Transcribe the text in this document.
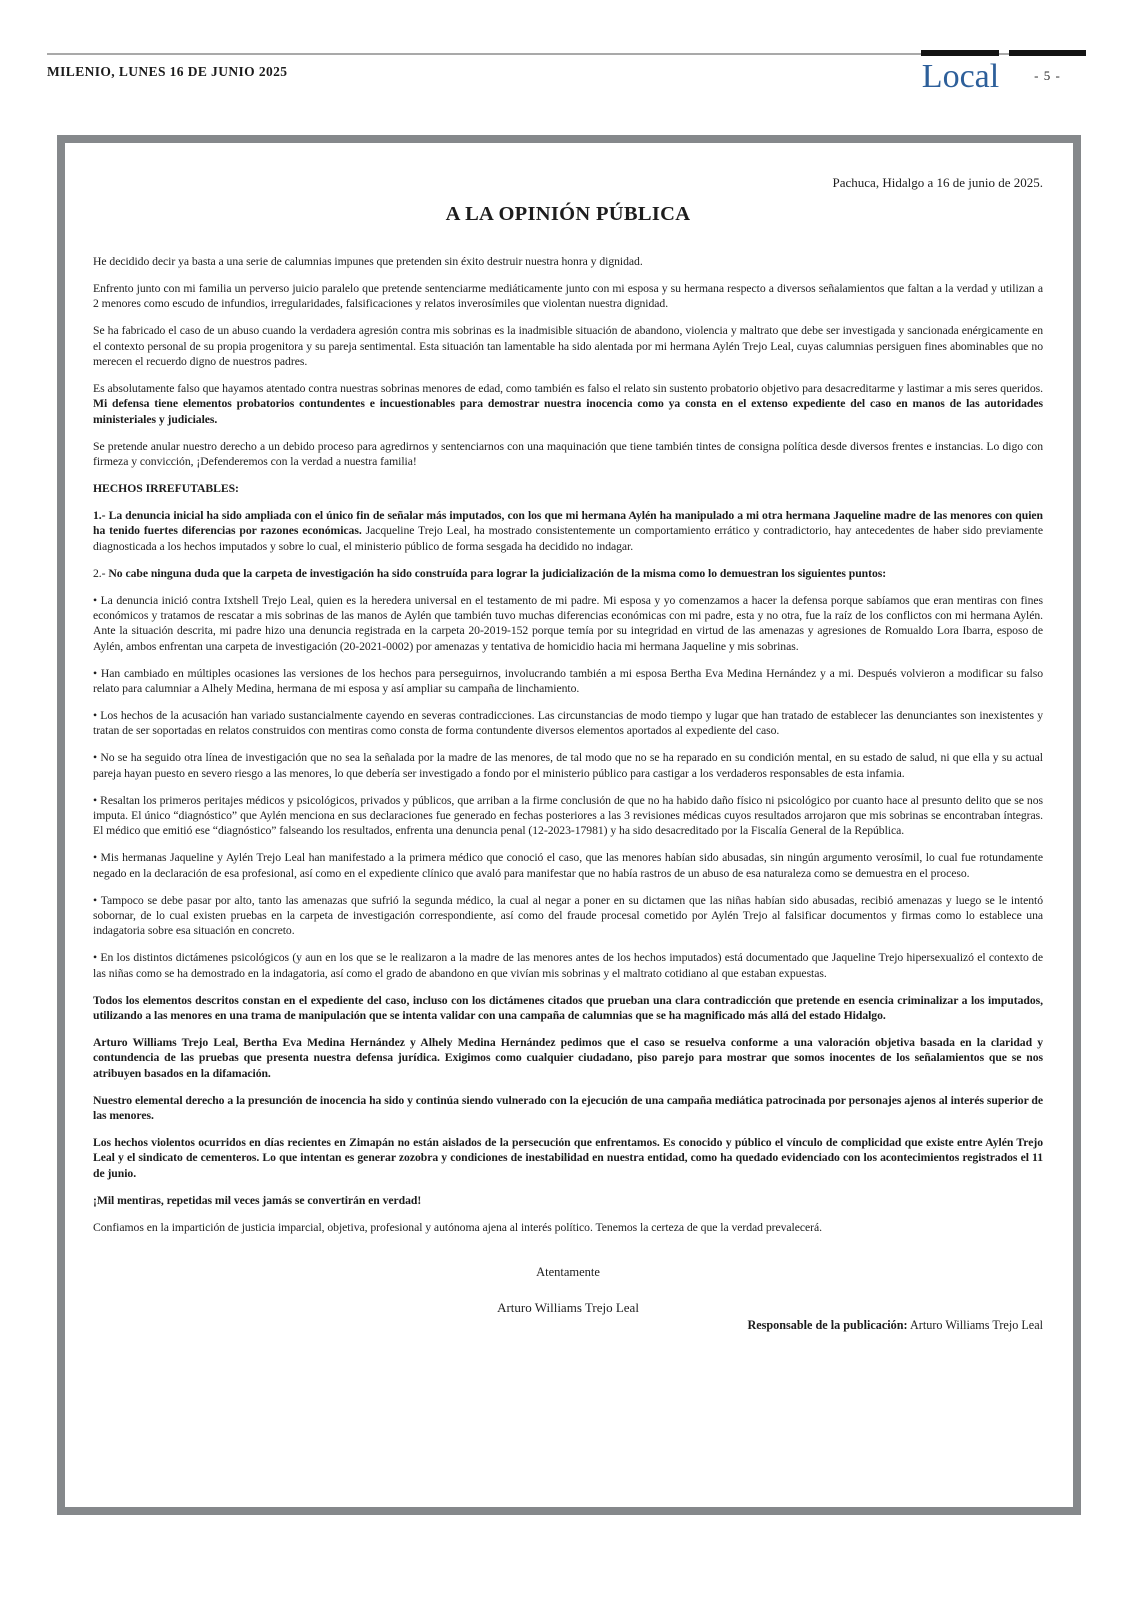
MILENIO, LUNES 16 DE JUNIO 2025	Local	- 5 -

Pachuca, Hidalgo a 16 de junio de 2025.

A LA OPINIÓN PÚBLICA

He decidido decir ya basta a una serie de calumnias impunes que pretenden sin éxito destruir nuestra honra y dignidad.

Enfrento junto con mi familia un perverso juicio paralelo que pretende sentenciarme mediáticamente junto con mi esposa y su hermana respecto a diversos señalamientos que faltan a la verdad y utilizan a 2 menores como escudo de infundios, irregularidades, falsificaciones y relatos inverosímiles que violentan nuestra dignidad.

Se ha fabricado el caso de un abuso cuando la verdadera agresión contra mis sobrinas es la inadmisible situación de abandono, violencia y maltrato que debe ser investigada y sancionada enérgicamente en el contexto personal de su propia progenitora y su pareja sentimental. Esta situación tan lamentable ha sido alentada por mi hermana Aylén Trejo Leal, cuyas calumnias persiguen fines abominables que no merecen el recuerdo digno de nuestros padres.

Es absolutamente falso que hayamos atentado contra nuestras sobrinas menores de edad, como también es falso el relato sin sustento probatorio objetivo para desacreditarme y lastimar a mis seres queridos. Mi defensa tiene elementos probatorios contundentes e incuestionables para demostrar nuestra inocencia como ya consta en el extenso expediente del caso en manos de las autoridades ministeriales y judiciales.

Se pretende anular nuestro derecho a un debido proceso para agredirnos y sentenciarnos con una maquinación que tiene también tintes de consigna política desde diversos frentes e instancias. Lo digo con firmeza y convicción, ¡Defenderemos con la verdad a nuestra familia!

HECHOS IRREFUTABLES:

1.- La denuncia inicial ha sido ampliada con el único fin de señalar más imputados, con los que mi hermana Aylén ha manipulado a mi otra hermana Jaqueline madre de las menores con quien ha tenido fuertes diferencias por razones económicas. Jacqueline Trejo Leal, ha mostrado consistentemente un comportamiento errático y contradictorio, hay antecedentes de haber sido previamente diagnosticada a los hechos imputados y sobre lo cual, el ministerio público de forma sesgada ha decidido no indagar.

2.- No cabe ninguna duda que la carpeta de investigación ha sido construída para lograr la judicialización de la misma como lo demuestran los siguientes puntos:

• La denuncia inició contra Ixtshell Trejo Leal, quien es la heredera universal en el testamento de mi padre. Mi esposa y yo comenzamos a hacer la defensa porque sabíamos que eran mentiras con fines económicos y tratamos de rescatar a mis sobrinas de las manos de Aylén que también tuvo muchas diferencias económicas con mi padre, esta y no otra, fue la raíz de los conflictos con mi hermana Aylén. Ante la situación descrita, mi padre hizo una denuncia registrada en la carpeta 20-2019-152 porque temía por su integridad en virtud de las amenazas y agresiones de Romualdo Lora Ibarra, esposo de Aylén, ambos enfrentan una carpeta de investigación (20-2021-0002) por amenazas y tentativa de homicidio hacia mi hermana Jaqueline y mis sobrinas.

• Han cambiado en múltiples ocasiones las versiones de los hechos para perseguirnos, involucrando también a mi esposa Bertha Eva Medina Hernández y a mi. Después volvieron a modificar su falso relato para calumniar a Alhely Medina, hermana de mi esposa y así ampliar su campaña de linchamiento.

• Los hechos de la acusación han variado sustancialmente cayendo en severas contradicciones. Las circunstancias de modo tiempo y lugar que han tratado de establecer las denunciantes son inexistentes y tratan de ser soportadas en relatos construidos con mentiras como consta de forma contundente diversos elementos aportados al expediente del caso.

• No se ha seguido otra línea de investigación que no sea la señalada por la madre de las menores, de tal modo que no se ha reparado en su condición mental, en su estado de salud, ni que ella y su actual pareja hayan puesto en severo riesgo a las menores, lo que debería ser investigado a fondo por el ministerio público para castigar a los verdaderos responsables de esta infamia.

• Resaltan los primeros peritajes médicos y psicológicos, privados y públicos, que arriban a la firme conclusión de que no ha habido daño físico ni psicológico por cuanto hace al presunto delito que se nos imputa. El único “diagnóstico” que Aylén menciona en sus declaraciones fue generado en fechas posteriores a las 3 revisiones médicas cuyos resultados arrojaron que mis sobrinas se encontraban íntegras. El médico que emitió ese “diagnóstico” falseando los resultados, enfrenta una denuncia penal (12-2023-17981) y ha sido desacreditado por la Fiscalía General de la República.

• Mis hermanas Jaqueline y Aylén Trejo Leal han manifestado a la primera médico que conoció el caso, que las menores habían sido abusadas, sin ningún argumento verosímil, lo cual fue rotundamente negado en la declaración de esa profesional, así como en el expediente clínico que avaló para manifestar que no había rastros de un abuso de esa naturaleza como se demuestra en el proceso.

• Tampoco se debe pasar por alto, tanto las amenazas que sufrió la segunda médico, la cual al negar a poner en su dictamen que las niñas habían sido abusadas, recibió amenazas y luego se le intentó sobornar, de lo cual existen pruebas en la carpeta de investigación correspondiente, así como del fraude procesal cometido por Aylén Trejo al falsificar documentos y firmas como lo establece una indagatoria sobre esa situación en concreto.

• En los distintos dictámenes psicológicos (y aun en los que se le realizaron a la madre de las menores antes de los hechos imputados) está documentado que Jaqueline Trejo hipersexualizó el contexto de las niñas como se ha demostrado en la indagatoria, así como el grado de abandono en que vivían mis sobrinas y el maltrato cotidiano al que estaban expuestas.

Todos los elementos descritos constan en el expediente del caso, incluso con los dictámenes citados que prueban una clara contradicción que pretende en esencia criminalizar a los imputados, utilizando a las menores en una trama de manipulación que se intenta validar con una campaña de calumnias que se ha magnificado más allá del estado Hidalgo.

Arturo Williams Trejo Leal, Bertha Eva Medina Hernández y Alhely Medina Hernández pedimos que el caso se resuelva conforme a una valoración objetiva basada en la claridad y contundencia de las pruebas que presenta nuestra defensa jurídica. Exigimos como cualquier ciudadano, piso parejo para mostrar que somos inocentes de los señalamientos que se nos atribuyen basados en la difamación.

Nuestro elemental derecho a la presunción de inocencia ha sido y continúa siendo vulnerado con la ejecución de una campaña mediática patrocinada por personajes ajenos al interés superior de las menores.

Los hechos violentos ocurridos en días recientes en Zimapán no están aislados de la persecución que enfrentamos. Es conocido y público el vínculo de complicidad que existe entre Aylén Trejo Leal y el sindicato de cementeros. Lo que intentan es generar zozobra y condiciones de inestabilidad en nuestra entidad, como ha quedado evidenciado con los acontecimientos registrados el 11 de junio.

¡Mil mentiras, repetidas mil veces jamás se convertirán en verdad!

Confiamos en la impartición de justicia imparcial, objetiva, profesional y autónoma ajena al interés político. Tenemos la certeza de que la verdad prevalecerá.

Atentamente

Arturo Williams Trejo Leal

Responsable de la publicación: Arturo Williams Trejo Leal
